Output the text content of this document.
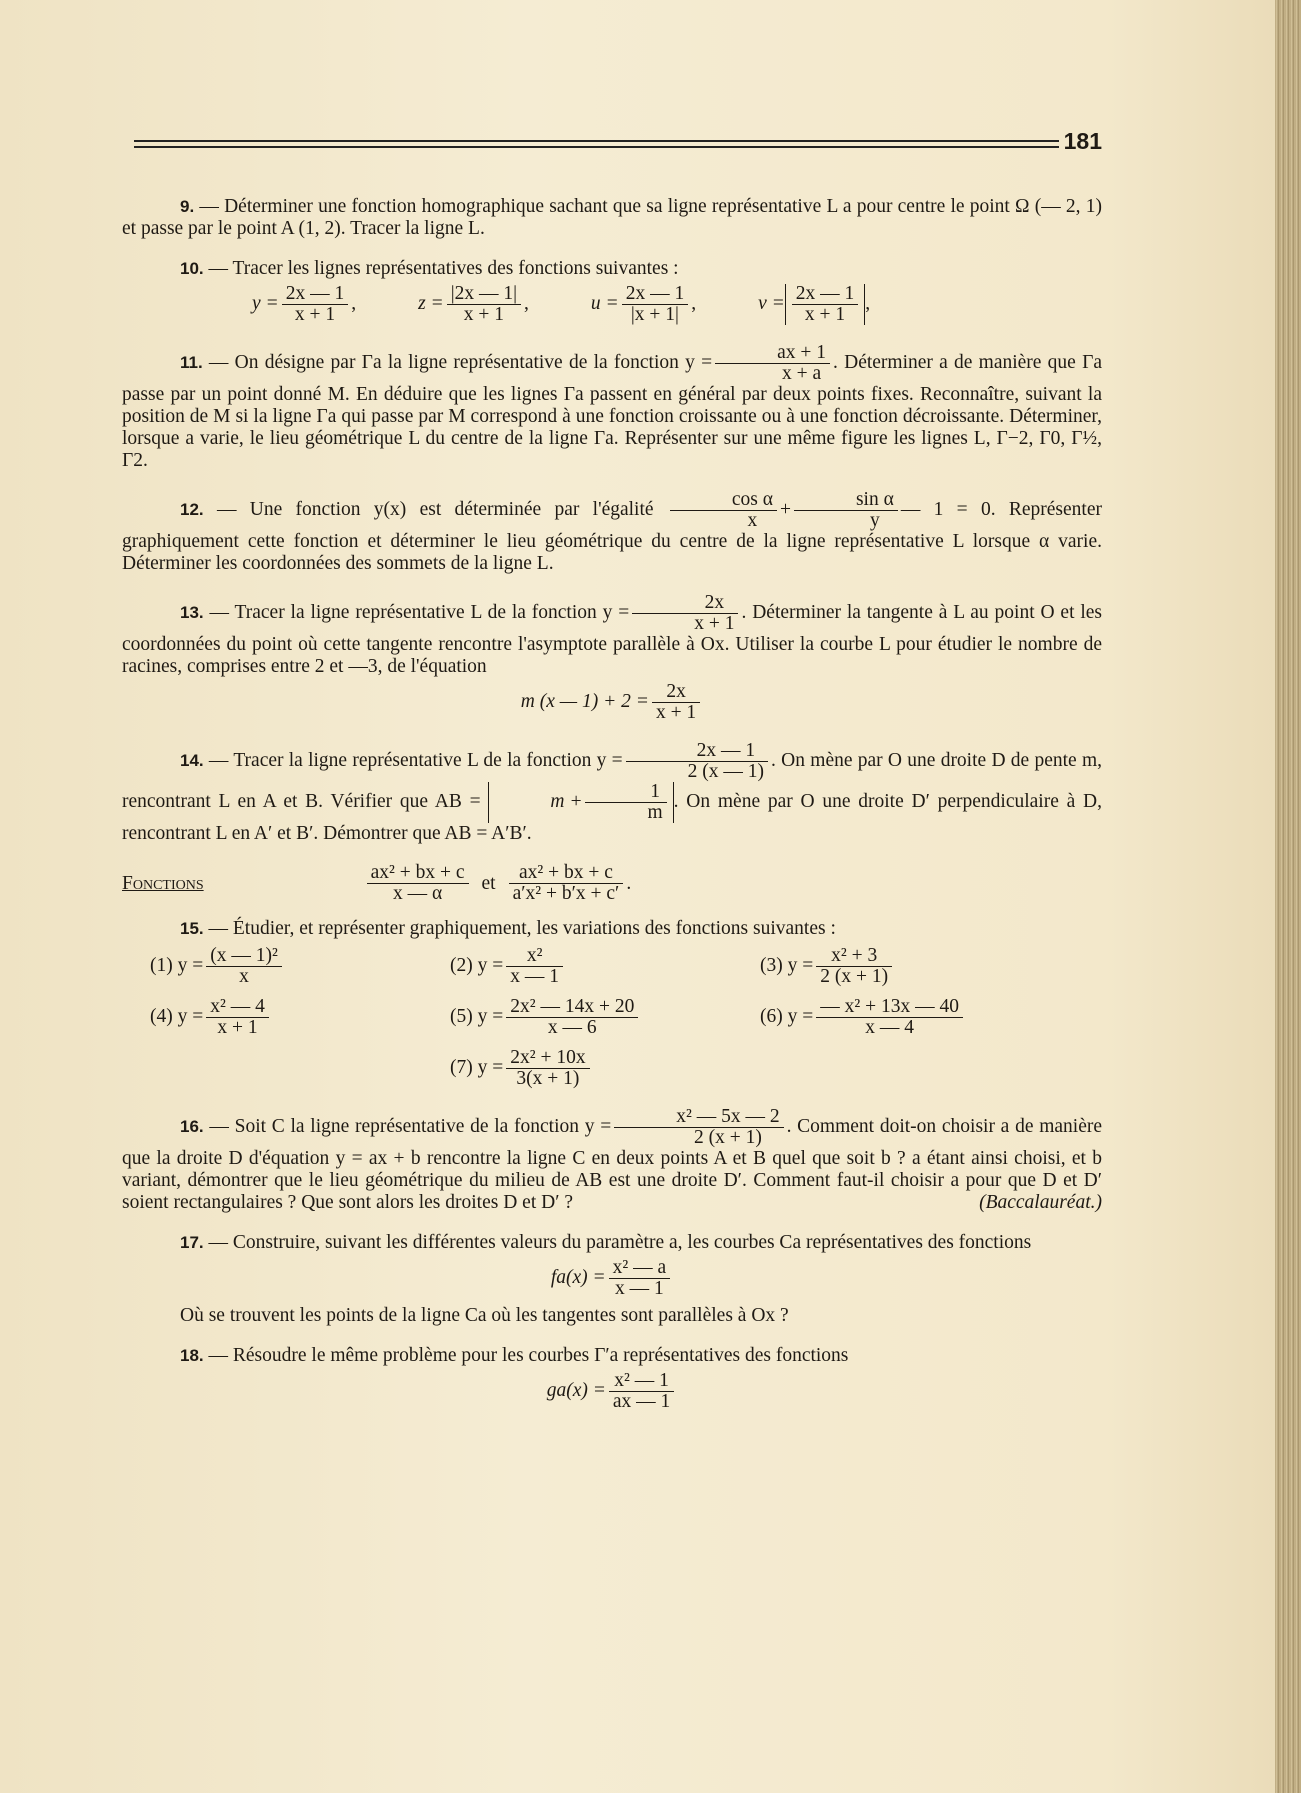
181

9. — Déterminer une fonction homographique sachant que sa ligne représentative L a pour centre le point Ω (— 2, 1) et passe par le point A (1, 2). Tracer la ligne L.

10. — Tracer les lignes représentatives des fonctions suivantes :

$y = \frac{2x — 1}{x + 1}$ ,	$z = \frac{|2x — 1|}{x + 1}$ ,	$u = \frac{2x — 1}{|x + 1|}$ ,	$v = \frac{2x — 1}{x + 1}$ ,

11. — On désigne par Γa la ligne représentative de la fonction $y = \frac{ax + 1}{x + a}$ . Déterminer a de manière que Γa passe par un point donné M. En déduire que les lignes Γa passent en général par deux points fixes. Reconnaître, suivant la position de M si la ligne Γa qui passe par M correspond à une fonction croissante ou à une fonction décroissante. Déterminer, lorsque a varie, le lieu géométrique L du centre de la ligne Γa. Représenter sur une même figure les lignes L, Γ−2, Γ0, Γ½, Γ2.

12. — Une fonction y(x) est déterminée par l'égalité $\frac{\text{cos α}}{x} + \frac{\text{sin α}}{y}$ — 1 = 0. Représenter graphiquement cette fonction et déterminer le lieu géométrique du centre de la ligne représentative L lorsque α varie. Déterminer les coordonnées des sommets de la ligne L.

13. — Tracer la ligne représentative L de la fonction $y = \frac{2x}{x + 1}$ . Déterminer la tangente à L au point O et les coordonnées du point où cette tangente rencontre l'asymptote parallèle à Ox. Utiliser la courbe L pour étudier le nombre de racines, comprises entre 2 et —3, de l'équation

m (x — $1) + 2 = \frac{2x}{x + 1}$

14. — Tracer la ligne représentative L de la fonction $y = \frac{2x — 1}{2 (x — 1)}$ . On mène par O une droite D de pente m, rencontrant L en A et B. Vérifier que AB =	$m + \frac{1}{m}$ . On mène par O une droite D′ perpendiculaire à D, rencontrant L en A′ et B′. Démontrer que AB = A′B′.

Fonctions	$\frac{\text{ax² + bx + c}}{x — \alpha}$ et $\frac{\text{ax² + bx + c}}{\text{a′x² + b′x + c′}}$ .

15. — Étudier, et représenter graphiquement, les variations des fonctions suivantes :

(1) $y = \frac{\text{(x — 1)²}}{x}$	(2) $y = \frac{\text{x²}}{x — 1}$	(3) $y = \frac{\text{x² + 3}}{2 (x + 1)}$
(4) $y = \frac{\text{x² — 4}}{x + 1}$	(5) $y = \frac{\text{2x² — 14x + 20}}{x — 6}$	(6) $y = \frac{\text{— x² + 13x — 40}}{x — 4}$
(7) $y = \frac{\text{2x² + 10x}}{3(x + 1)}$

16. — Soit C la ligne représentative de la fonction $y = \frac{\text{x² — 5x — 2}}{2 (x + 1)}$ . Comment doit-on choisir a de manière que la droite D d'équation y = ax + b rencontre la ligne C en deux points A et B quel que soit b ? a étant ainsi choisi, et b variant, démontrer que le lieu géométrique du milieu de AB est une droite D′. Comment faut-il choisir a pour que D et D′ soient rectangulaires ? Que sont alors les droites D et D′ ?	(Baccalauréat.)

17. — Construire, suivant les différentes valeurs du paramètre a, les courbes Ca représentatives des fonctions

$fa(x) = \frac{\text{x² — a}}{x — 1}$

Où se trouvent les points de la ligne Ca où les tangentes sont parallèles à Ox ?

18. — Résoudre le même problème pour les courbes Γ′a représentatives des fonctions

$ga(x) = \frac{\text{x² — 1}}{ax — 1}$
